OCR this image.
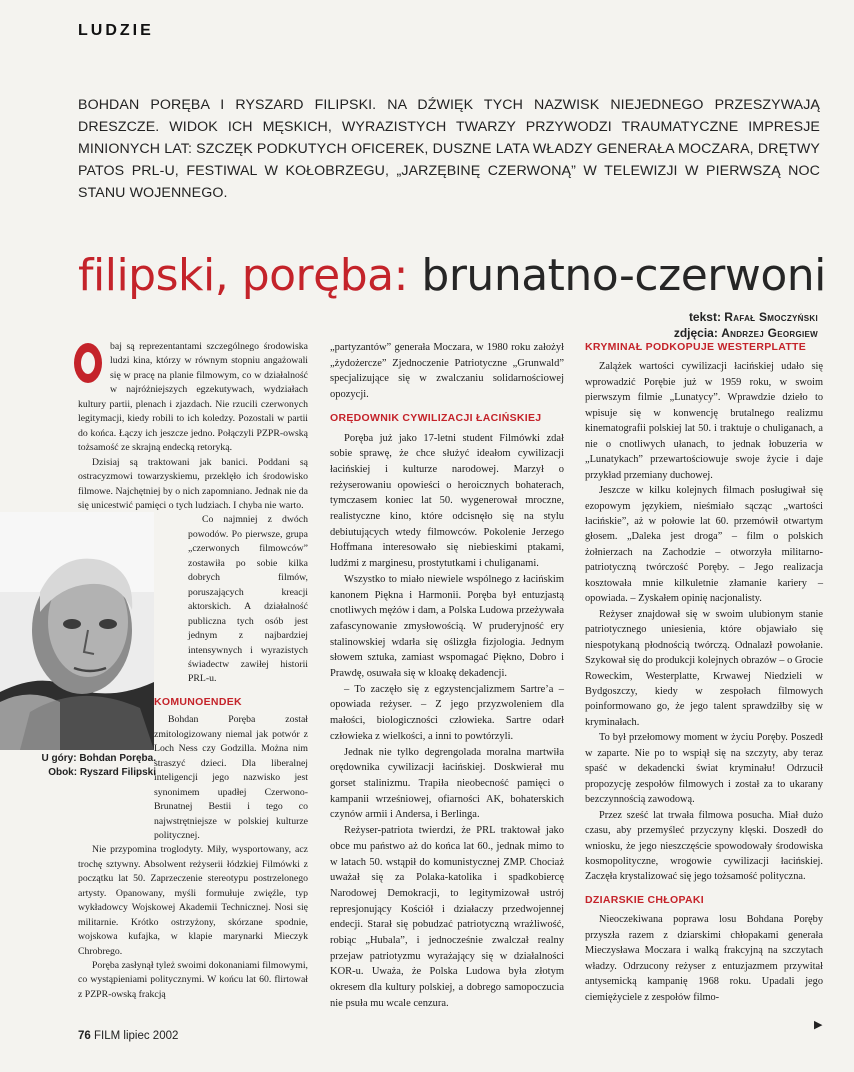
LUDZIE
BOHDAN PORĘBA I RYSZARD FILIPSKI. NA DŹWIĘK TYCH NAZWISK NIEJEDNEGO PRZESZYWAJĄ DRESZCZE. WIDOK ICH MĘSKICH, WYRAZISTYCH TWARZY PRZYWODZI TRAUMATYCZNE IMPRESJE MINIONYCH LAT: SZCZĘK PODKUTYCH OFICEREK, DUSZNE LATA WŁADZY GENERAŁA MOCZARA, DRĘTWY PATOS PRL-U, FESTIWAL W KOŁOBRZEGU, „JARZĘBINĘ CZERWONĄ” W TELEWIZJI W PIERWSZĄ NOC STANU WOJENNEGO.
filipski, poręba: brunatno-czerwoni
tekst: Rafał Smoczyński
zdjęcia: Andrzej Georgiew
U góry: Bohdan Poręba.
Obok: Ryszard Filipski

baj są reprezentantami szczególnego środowiska ludzi kina, którzy w równym stopniu angażowali się w pracę na planie filmowym, co w działalność w najróżniejszych egzekutywach, wydziałach kultury partii, plenach i zjazdach. Nie rzucili czerwonych legitymacji, kiedy robili to ich koledzy. Pozostali w partii do końca. Łączy ich jeszcze jedno. Połączyli PZPR-owską tożsamość ze skrajną endecką retoryką.

Dzisiaj są traktowani jak banici. Poddani są ostracyzmowi towarzyskiemu, przeklęło ich środowisko filmowe. Najchętniej by o nich zapomniano. Jednak nie da się unicestwić pamięci o tych ludziach. I chyba nie warto.

Co najmniej z dwóch powodów. Po pierwsze, grupa „czerwonych filmowców” zostawiła po sobie kilka dobrych filmów, poruszających kreacji aktorskich. A działalność publiczna tych osób jest jednym z najbardziej intensywnych i wyrazistych świadectw zawiłej historii PRL-u.

KOMUNOENDEK

Bohdan Poręba został zmitologizowany niemal jak potwór z Loch Ness czy Godzilla. Można nim straszyć dzieci. Dla liberalnej inteligencji jego nazwisko jest synonimem upadłej Czerwono-Brunatnej Bestii i tego co najwstrętniejsze w polskiej kulturze politycznej.

Nie przypomina troglodyty. Miły, wysportowany, acz trochę sztywny. Absolwent reżyserii łódzkiej Filmówki z początku lat 50. Zaprzeczenie stereotypu postrzelonego artysty. Opanowany, myśli formułuje zwięźle, typ wykładowcy Wojskowej Akademii Technicznej. Nosi się militarnie. Krótko ostrzyżony, skórzane spodnie, wojskowa kufajka, w klapie marynarki Mieczyk Chrobrego.

Poręba zasłynął tyleż swoimi dokonaniami filmowymi, co wystąpieniami politycznymi. W końcu lat 60. flirtował z PZPR-owską frakcją

„partyzantów” generała Moczara, w 1980 roku założył „żydożercze” Zjednoczenie Patriotyczne „Grunwald” specjalizujące się w zwalczaniu solidarnościowej opozycji.

ORĘDOWNIK CYWILIZACJI ŁACIŃSKIEJ

Poręba już jako 17-letni student Filmówki zdał sobie sprawę, że chce służyć ideałom cywilizacji łacińskiej i kulturze narodowej. Marzył o reżyserowaniu opowieści o heroicznych bohaterach, tymczasem koniec lat 50. wygenerował mroczne, realistyczne kino, które odcisnęło się na stylu debiutujących wtedy filmowców. Pokolenie Jerzego Hoffmana interesowało się niebieskimi ptakami, ludźmi z marginesu, prostytutkami i chuliganami.

Wszystko to miało niewiele wspólnego z łacińskim kanonem Piękna i Harmonii. Poręba był entuzjastą cnotliwych mężów i dam, a Polska Ludowa przeżywała zafascynowanie zmysłowością. W pruderyjność ery stalinowskiej wdarła się oślizgła fizjologia. Jednym słowem sztuka, zamiast wspomagać Piękno, Dobro i Prawdę, osuwała się w kloakę dekadencji.

– To zaczęło się z egzystencjalizmem Sartre’a – opowiada reżyser. – Z jego przyzwoleniem dla małości, biologiczności człowieka. Sartre odarł człowieka z wielkości, a inni to powtórzyli.

Jednak nie tylko degrengolada moralna martwiła orędownika cywilizacji łacińskiej. Doskwierał mu gorset stalinizmu. Trapiła nieobecność pamięci o kampanii wrześniowej, ofiarności AK, bohaterskich czynów armii i Andersa, i Berlinga.

Reżyser-patriota twierdzi, że PRL traktował jako obce mu państwo aż do końca lat 60., jednak mimo to w latach 50. wstąpił do komunistycznej ZMP. Chociaż uważał się za Polaka-katolika i spadkobiercę Narodowej Demokracji, to legitymizował ustrój represjonujący Kościół i działaczy przedwojennej endecji. Starał się pobudzać patriotyczną wrażliwość, robiąc „Hubala”, i jednocześnie zwalczał realny przejaw patriotyzmu wyrażający się w działalności KOR-u. Uważa, że Polska Ludowa była złotym okresem dla kultury polskiej, a dobrego samopoczucia nie psuła mu wcale cenzura.

KRYMINAŁ PODKOPUJE WESTERPLATTE

Zalążek wartości cywilizacji łacińskiej udało się wprowadzić Porębie już w 1959 roku, w swoim pierwszym filmie „Lunatycy”. Wprawdzie dzieło to wpisuje się w konwencję brutalnego realizmu kinematografii polskiej lat 50. i traktuje o chuliganach, a nie o cnotliwych ułanach, to jednak łobuzeria w „Lunatykach” przewartościowuje swoje życie i daje przykład przemiany duchowej.

Jeszcze w kilku kolejnych filmach posługiwał się ezopowym językiem, nieśmiało sącząc „wartości łacińskie”, aż w połowie lat 60. przemówił otwartym głosem. „Daleka jest droga” – film o polskich żołnierzach na Zachodzie – otworzyła militarno-patriotyczną twórczość Poręby. – Jego realizacja kosztowała mnie kilkuletnie złamanie kariery – opowiada. – Zyskałem opinię nacjonalisty.

Reżyser znajdował się w swoim ulubionym stanie patriotycznego uniesienia, które objawiało się niespotykaną płodnością twórczą. Odnalazł powołanie. Szykował się do produkcji kolejnych obrazów – o Grocie Roweckim, Westerplatte, Krwawej Niedzieli w Bydgoszczy, kiedy w zespołach filmowych poinformowano go, że jego talent sprawdziłby się w kryminałach.

To był przełomowy moment w życiu Poręby. Poszedł w zaparte. Nie po to wspiął się na szczyty, aby teraz spaść w dekadencki świat kryminału! Odrzucił propozycję zespołów filmowych i został za to ukarany bezczynnością zawodową.

Przez sześć lat trwała filmowa posucha. Miał dużo czasu, aby przemyśleć przyczyny klęski. Doszedł do wniosku, że jego nieszczęście spowodowały środowiska kosmopolityczne, wrogowie cywilizacji łacińskiej. Zaczęła krystalizować się jego tożsamość polityczna.

DZIARSKIE CHŁOPAKI

Nieoczekiwana poprawa losu Bohdana Poręby przyszła razem z dziarskimi chłopakami generała Mieczysława Moczara i walką frakcyjną na szczytach władzy. Odrzucony reżyser z entuzjazmem przywitał antysemicką kampanię 1968 roku. Upadali jego ciemiężyciele z zespołów filmo-

▶
76 FILM lipiec 2002
